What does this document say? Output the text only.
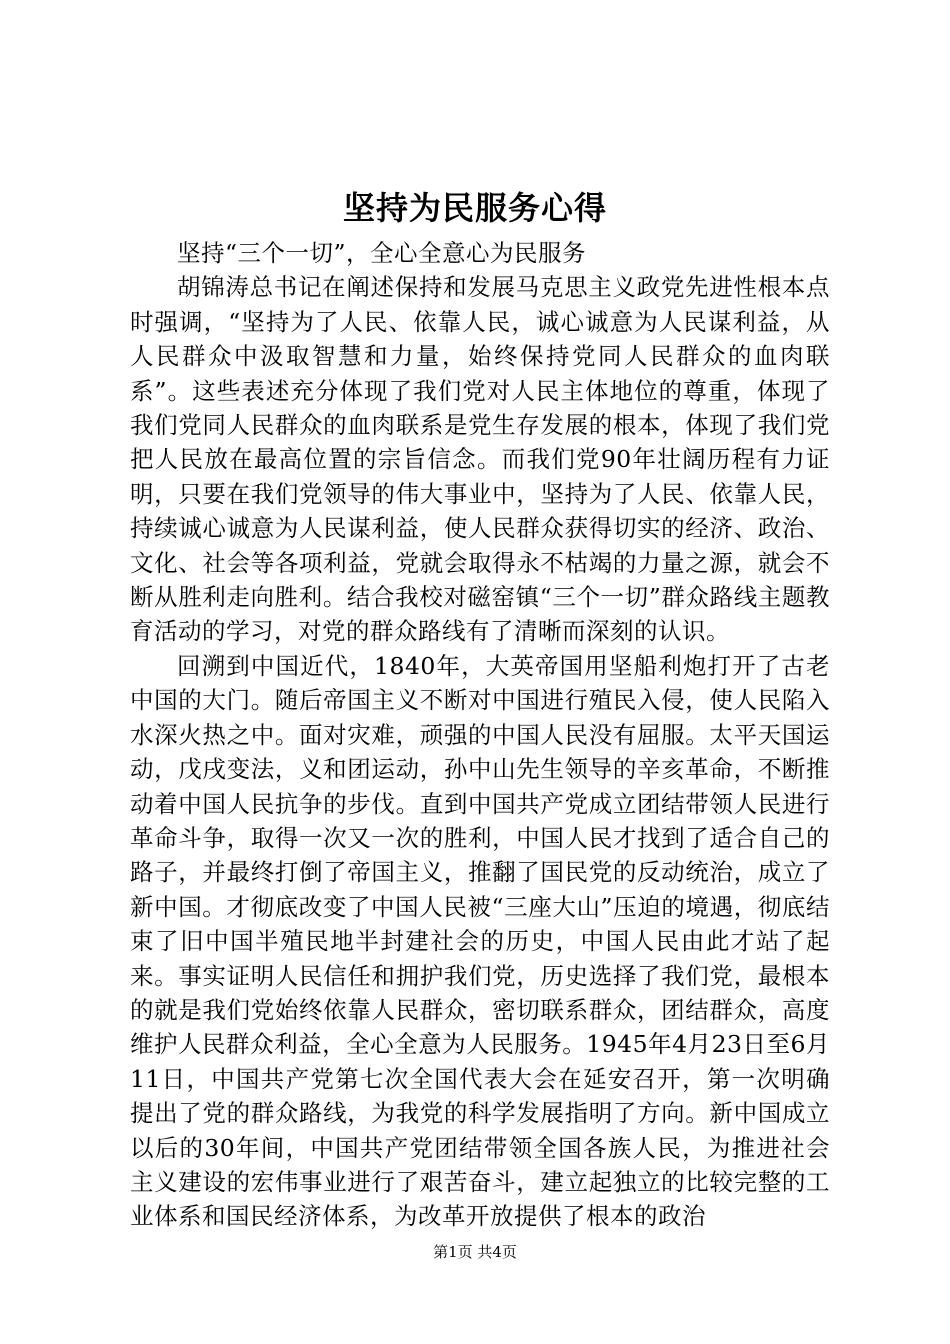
坚持为民服务心得

坚持“三个一切”，全心全意心为民服务

胡锦涛总书记在阐述保持和发展马克思主义政党先进性根本点时强调，“坚持为了人民、依靠人民，诚心诚意为人民谋利益，从人民群众中汲取智慧和力量，始终保持党同人民群众的血肉联系”。这些表述充分体现了我们党对人民主体地位的尊重，体现了我们党同人民群众的血肉联系是党生存发展的根本，体现了我们党把人民放在最高位置的宗旨信念。而我们党90年壮阔历程有力证明，只要在我们党领导的伟大事业中，坚持为了人民、依靠人民，持续诚心诚意为人民谋利益，使人民群众获得切实的经济、政治、文化、社会等各项利益，党就会取得永不枯竭的力量之源，就会不断从胜利走向胜利。结合我校对磁窑镇“三个一切”群众路线主题教育活动的学习，对党的群众路线有了清晰而深刻的认识。

回溯到中国近代，1840年，大英帝国用坚船利炮打开了古老中国的大门。随后帝国主义不断对中国进行殖民入侵，使人民陷入水深火热之中。面对灾难，顽强的中国人民没有屈服。太平天国运动，戊戌变法，义和团运动，孙中山先生领导的辛亥革命，不断推动着中国人民抗争的步伐。直到中国共产党成立团结带领人民进行革命斗争，取得一次又一次的胜利，中国人民才找到了适合自己的路子，并最终打倒了帝国主义，推翻了国民党的反动统治，成立了新中国。才彻底改变了中国人民被“三座大山”压迫的境遇，彻底结束了旧中国半殖民地半封建社会的历史，中国人民由此才站了起来。事实证明人民信任和拥护我们党，历史选择了我们党，最根本的就是我们党始终依靠人民群众，密切联系群众，团结群众，高度维护人民群众利益，全心全意为人民服务。1945年4月23日至6月11日，中国共产党第七次全国代表大会在延安召开，第一次明确提出了党的群众路线，为我党的科学发展指明了方向。新中国成立以后的30年间，中国共产党团结带领全国各族人民，为推进社会主义建设的宏伟事业进行了艰苦奋斗，建立起独立的比较完整的工业体系和国民经济体系，为改革开放提供了根本的政治

第1页 共4页
